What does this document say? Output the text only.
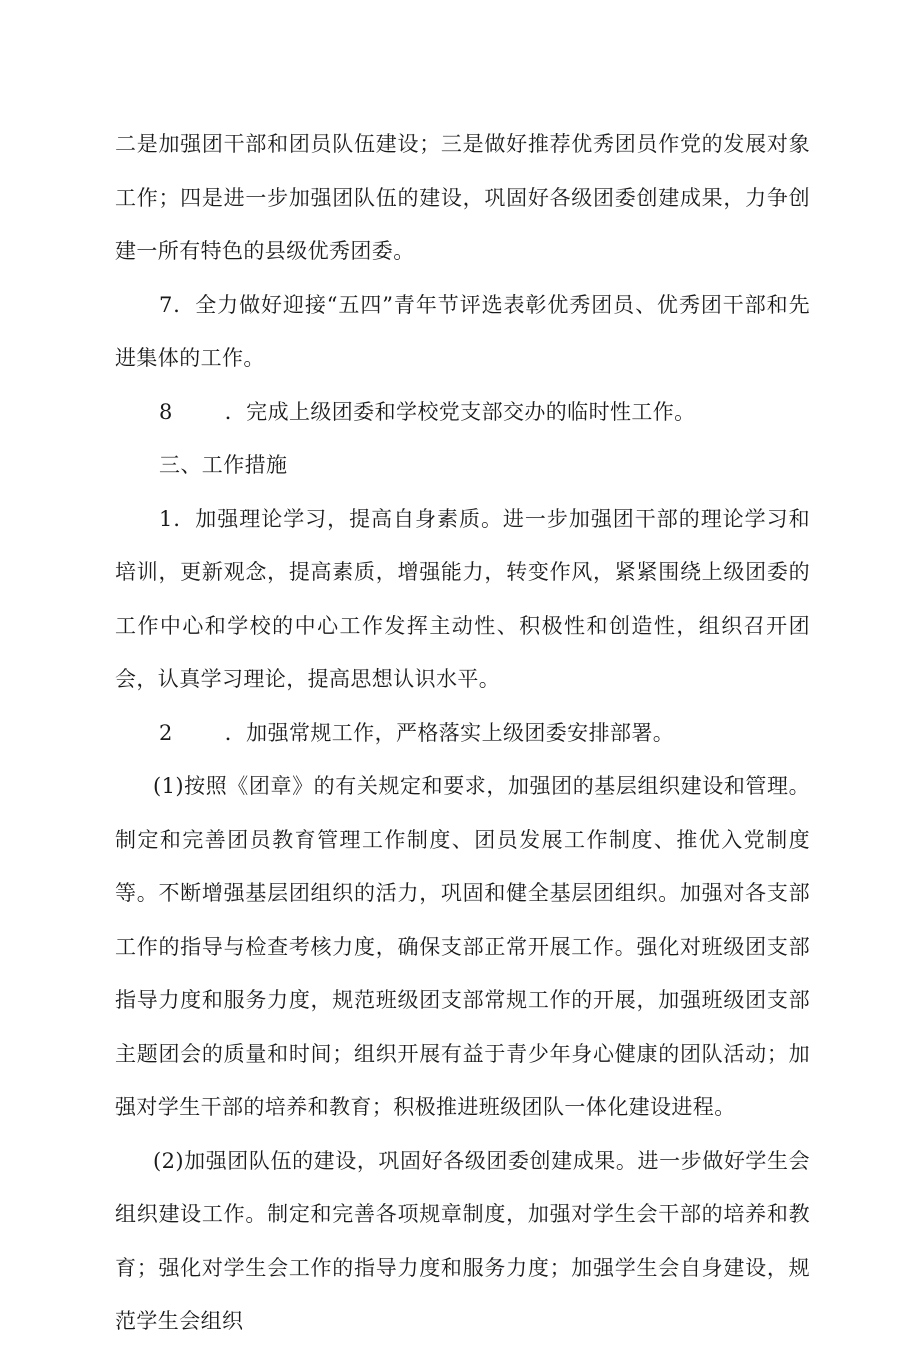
二是加强团干部和团员队伍建设；三是做好推荐优秀团员作党的发展对象工作；四是进一步加强团队伍的建设，巩固好各级团委创建成果，力争创建一所有特色的县级优秀团委。

7．全力做好迎接“五四”青年节评选表彰优秀团员、优秀团干部和先进集体的工作。

8 ．完成上级团委和学校党支部交办的临时性工作。

三、工作措施

1．加强理论学习，提高自身素质。进一步加强团干部的理论学习和培训，更新观念，提高素质，增强能力，转变作风，紧紧围绕上级团委的工作中心和学校的中心工作发挥主动性、积极性和创造性，组织召开团会，认真学习理论，提高思想认识水平。

2 ．加强常规工作，严格落实上级团委安排部署。

(1)按照《团章》的有关规定和要求，加强团的基层组织建设和管理。制定和完善团员教育管理工作制度、团员发展工作制度、推优入党制度等。不断增强基层团组织的活力，巩固和健全基层团组织。加强对各支部工作的指导与检查考核力度，确保支部正常开展工作。强化对班级团支部指导力度和服务力度，规范班级团支部常规工作的开展，加强班级团支部主题团会的质量和时间；组织开展有益于青少年身心健康的团队活动；加强对学生干部的培养和教育；积极推进班级团队一体化建设进程。

(2)加强团队伍的建设，巩固好各级团委创建成果。进一步做好学生会组织建设工作。制定和完善各项规章制度，加强对学生会干部的培养和教育；强化对学生会工作的指导力度和服务力度；加强学生会自身建设，规范学生会组织
